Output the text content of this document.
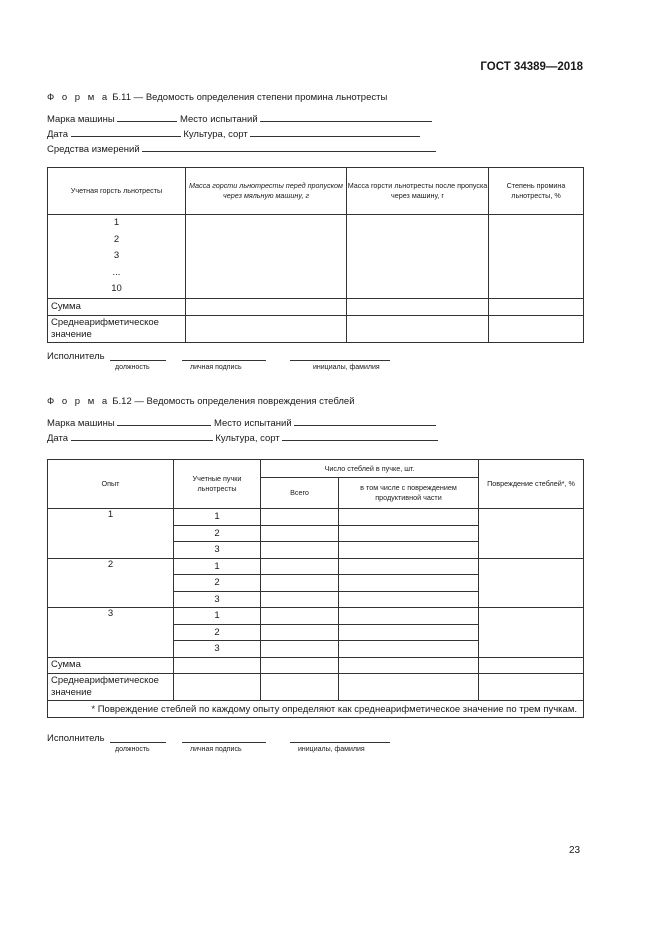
ГОСТ 34389—2018
Ф о р м а Б.11 — Ведомость определения степени промина льнотресты
Марка машины	Место испытаний
Дата	Культура, сорт
Средства измерений
Учетная горсть льнотресты	Масса горсти льнотресты перед пропуском через мяльную машину, г	Масса горсти льнотресты после пропуска через машину, г	Степень промина льнотресты, %

1
2
3
...
10			

Сумма			
Среднеарифметическое значение			
Исполнитель
должность	личная подпись	инициалы, фамилия
Ф о р м а Б.12 — Ведомость определения повреждения стеблей
Марка машины	Место испытаний
Дата	Культура, сорт
Опыт	Учетные пучки льнотресты	Число стеблей в пучке, шт.		Повреждение стеблей*, %
		Всего	в том числе с повреждением продуктивной части	
1	1			
	2			
	3			
2	1			
	2			
	3			
3	1			
	2			
	3			
Сумма				
Среднеарифметическое значение				
* Повреждение стеблей по каждому опыту определяют как среднеарифметическое значение по трем пучкам.				
Исполнитель
должность	личная подпись	инициалы, фамилия
23
